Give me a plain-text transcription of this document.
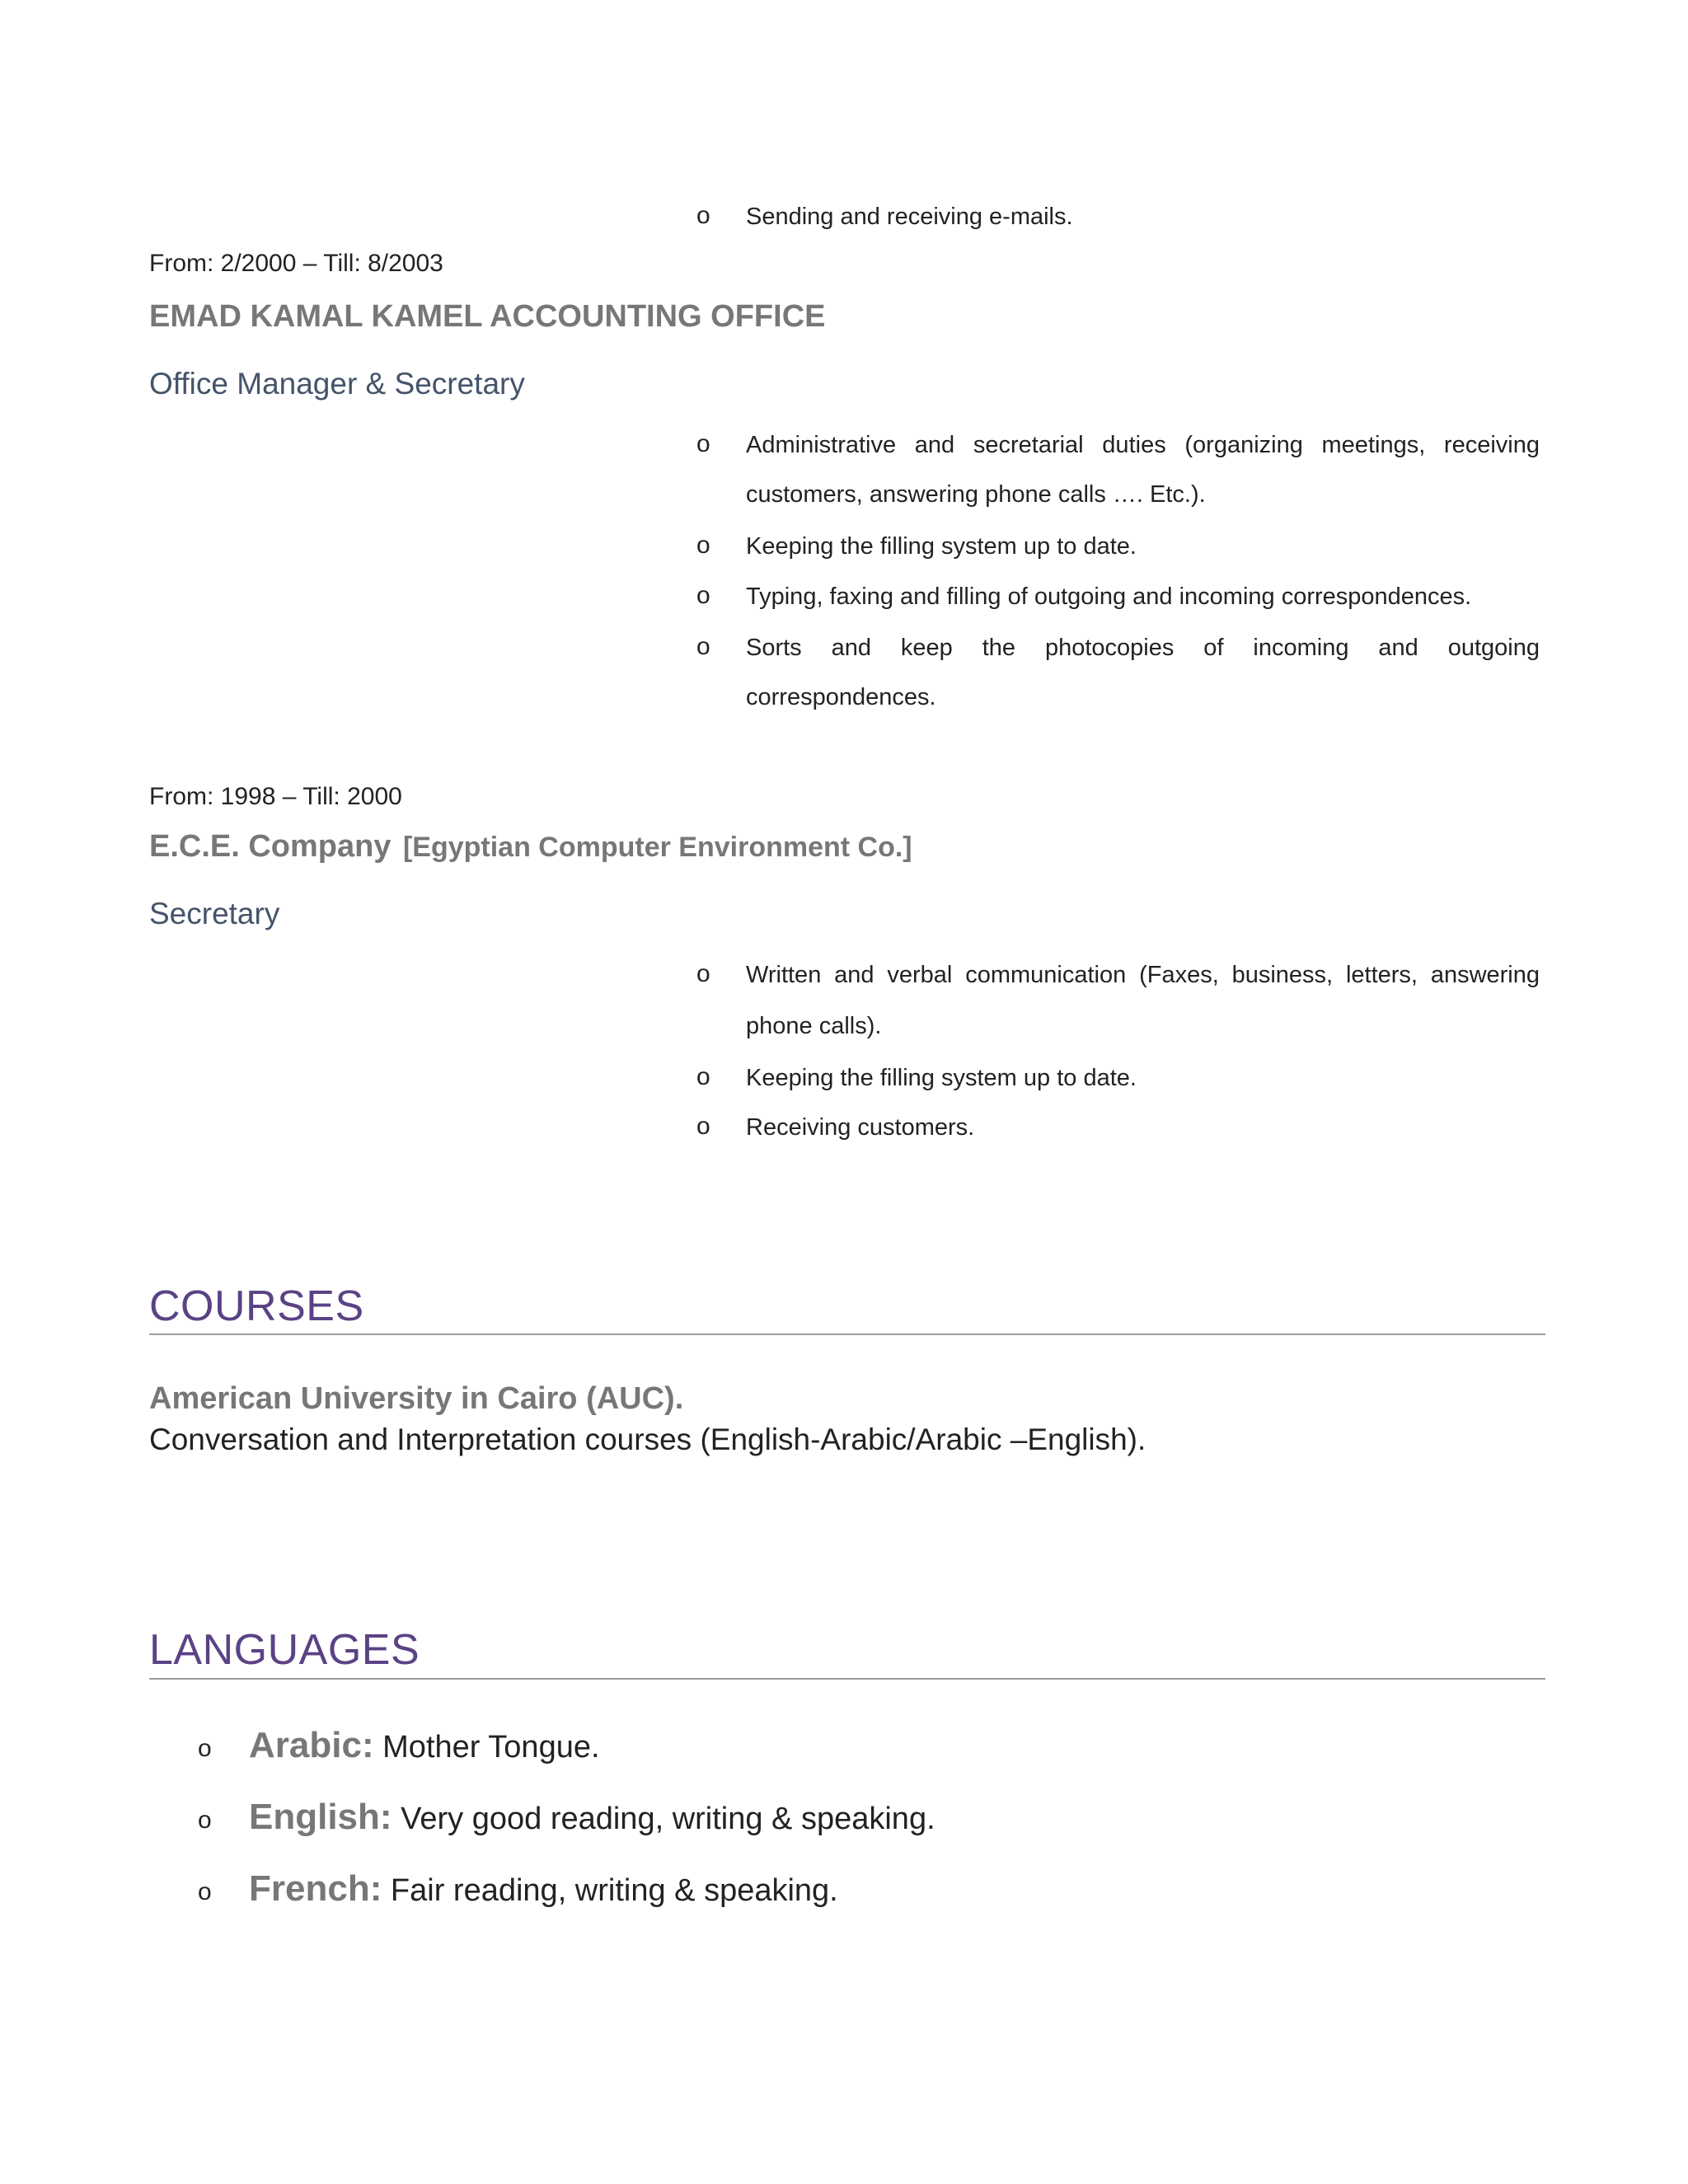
o Sending and receiving e-mails.
From: 2/2000 – Till: 8/2003
EMAD KAMAL KAMEL ACCOUNTING OFFICE
Office Manager & Secretary
o Administrative and secretarial duties (organizing meetings, receiving
customers, answering phone calls …. Etc.).
o Keeping the filling system up to date.
o Typing, faxing and filling of outgoing and incoming correspondences.
o Sorts and keep the photocopies of incoming and outgoing
correspondences.
From: 1998 – Till: 2000
E.C.E. Company [Egyptian Computer Environment Co.]
Secretary
o Written and verbal communication (Faxes, business, letters, answering
phone calls).
o Keeping the filling system up to date.
o Receiving customers.
COURSES
American University in Cairo (AUC).
Conversation and Interpretation courses (English-Arabic/Arabic –English).
LANGUAGES
o Arabic: Mother Tongue.
o English: Very good reading, writing & speaking.
o French: Fair reading, writing & speaking.
